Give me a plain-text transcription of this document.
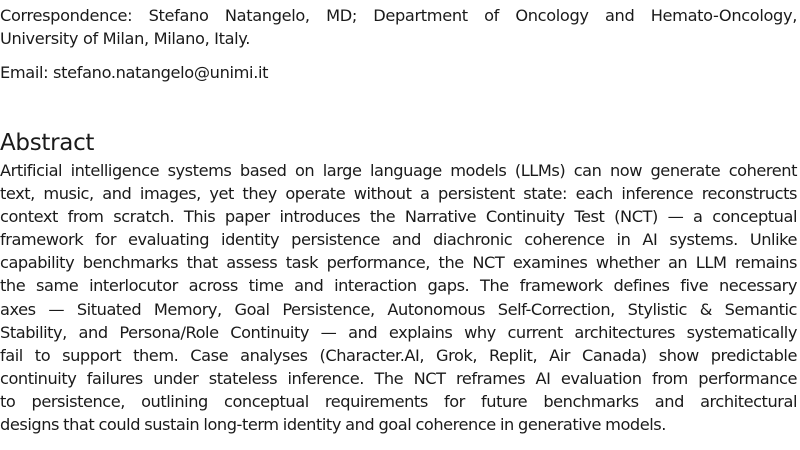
Correspondence: Stefano Natangelo, MD; Department of Oncology and Hemato-Oncology,
University of Milan, Milano, Italy.

Email: stefano.natangelo@unimi.it

Abstract

Artificial intelligence systems based on large language models (LLMs) can now generate coherent
text, music, and images, yet they operate without a persistent state: each inference reconstructs
context from scratch. This paper introduces the Narrative Continuity Test (NCT) — a conceptual
framework for evaluating identity persistence and diachronic coherence in AI systems. Unlike
capability benchmarks that assess task performance, the NCT examines whether an LLM remains
the same interlocutor across time and interaction gaps. The framework defines five necessary
axes — Situated Memory, Goal Persistence, Autonomous Self-Correction, Stylistic & Semantic
Stability, and Persona/Role Continuity — and explains why current architectures systematically
fail to support them. Case analyses (Character.AI, Grok, Replit, Air Canada) show predictable
continuity failures under stateless inference. The NCT reframes AI evaluation from performance
to persistence, outlining conceptual requirements for future benchmarks and architectural
designs that could sustain long-term identity and goal coherence in generative models.
